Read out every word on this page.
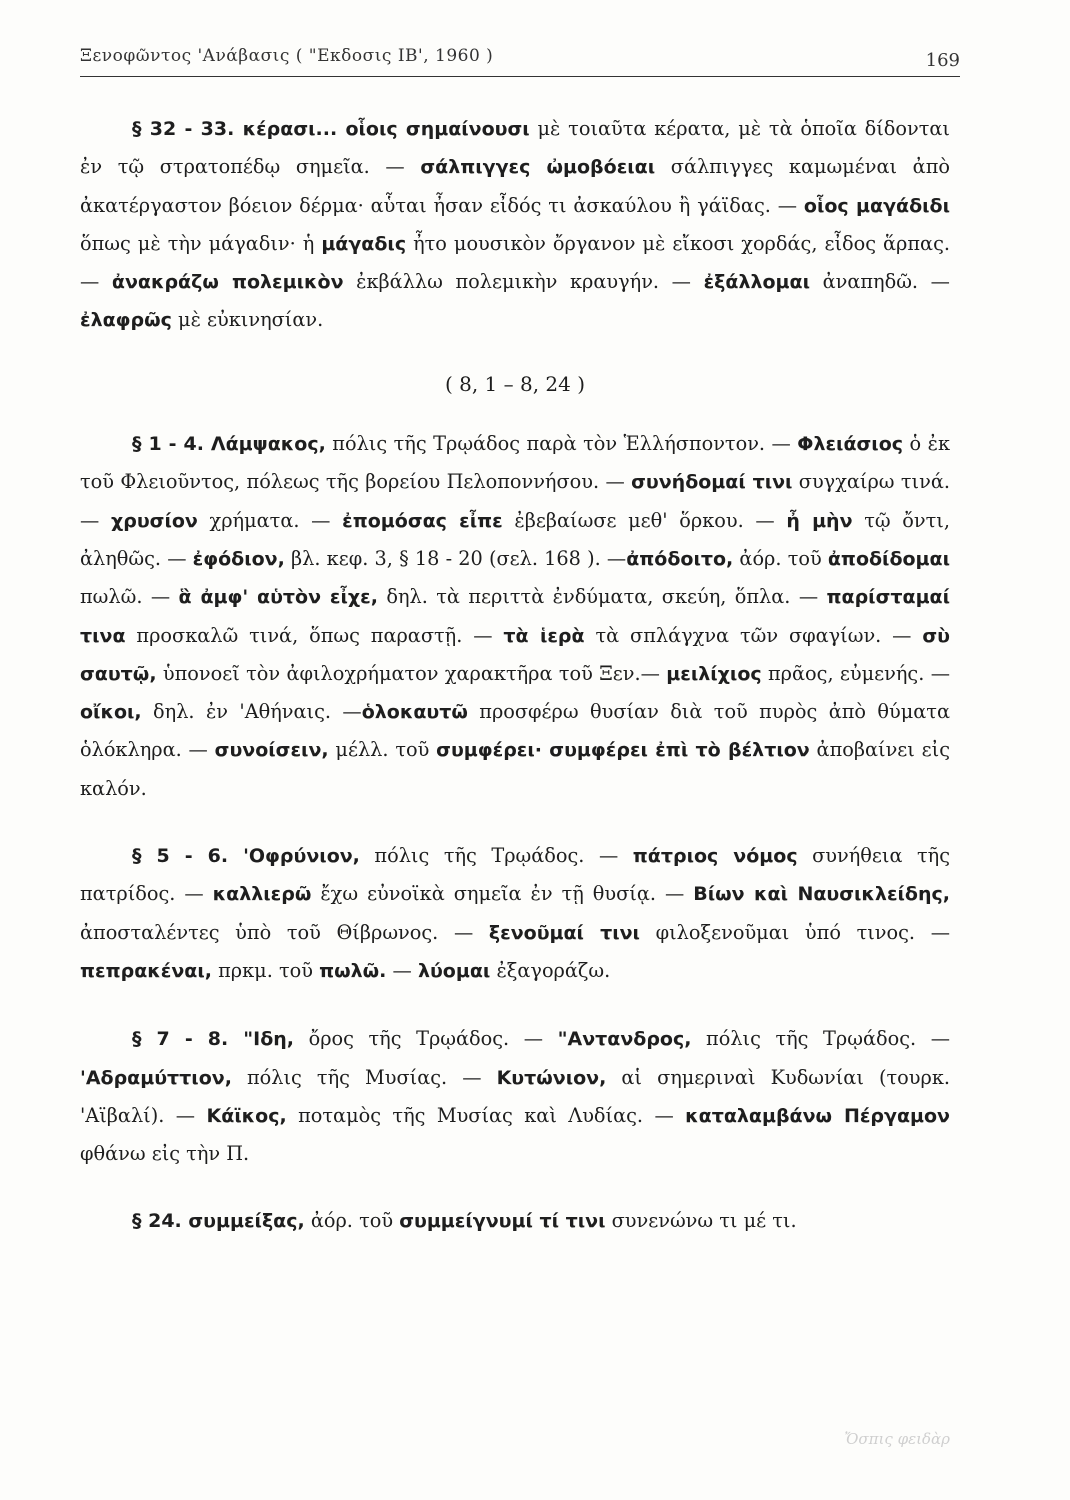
Ξενοφῶντος 'Ανάβασις ( "Εκδοσις ΙΒ', 1960 )	169

§ 32 - 33. κέρασι... οἷοις σημαίνουσι μὲ τοιαῦτα κέρατα, μὲ τὰ ὁποῖα δίδονται ἐν τῷ στρατοπέδῳ σημεῖα. — σάλπιγγες ὠμοβόειαι σάλπιγγες καμωμέναι ἀπὸ ἀκατέργαστον βόειον δέρμα· αὗται ἦσαν εἶδός τι ἀσκαύλου ἢ γάϊδας. — οἷος μαγάδιδι ὅπως μὲ τὴν μάγαδιν· ἡ μάγαδις ἦτο μουσικὸν ὄργανον μὲ εἴκοσι χορδάς, εἶδος ἅρπας. — ἀνακράζω πολεμικὸν ἐκβάλλω πολεμικὴν κραυγήν. — ἐξάλλομαι ἀναπηδῶ. — ἐλαφρῶς μὲ εὐκινησίαν.

( 8, 1 – 8, 24 )

§ 1 - 4. Λάμψακος, πόλις τῆς Τρῳάδος παρὰ τὸν Ἑλλήσποντον. — Φλειάσιος ὁ ἐκ τοῦ Φλειοῦντος, πόλεως τῆς βορείου Πελοποννήσου. — συνήδομαί τινι συγχαίρω τινά. — χρυσίον χρήματα. — ἐπομόσας εἶπε ἐβεβαίωσε μεθ' ὅρκου. — ἦ μὴν τῷ ὄντι, ἀληθῶς. — ἐφόδιον, βλ. κεφ. 3, § 18 - 20 (σελ. 168 ). —ἀπόδοιτο, ἀόρ. τοῦ ἀποδίδομαι πωλῶ. — ἃ ἀμφ' αὑτὸν εἶχε, δηλ. τὰ περιττὰ ἐνδύματα, σκεύη, ὅπλα. — παρίσταμαί τινα προσκαλῶ τινά, ὅπως παραστῇ. — τὰ ἱερὰ τὰ σπλάγχνα τῶν σφαγίων. — σὺ σαυτῷ, ὑπονοεῖ τὸν ἀφιλοχρήματον χαρακτῆρα τοῦ Ξεν.— μειλίχιος πρᾶος, εὐμενής. — οἴκοι, δηλ. ἐν 'Αθήναις. —ὁλοκαυτῶ προσφέρω θυσίαν διὰ τοῦ πυρὸς ἀπὸ θύματα ὁλόκληρα. — συνοίσειν, μέλλ. τοῦ συμφέρει· συμφέρει ἐπὶ τὸ βέλτιον ἀποβαίνει εἰς καλόν.

§ 5 - 6. 'Οφρύνιον, πόλις τῆς Τρῳάδος. — πάτριος νόμος συνήθεια τῆς πατρίδος. — καλλιερῶ ἔχω εὐνοϊκὰ σημεῖα ἐν τῇ θυσίᾳ. — Βίων καὶ Ναυσικλείδης, ἀποσταλέντες ὑπὸ τοῦ Θίβρωνος. — ξενοῦμαί τινι φιλοξενοῦμαι ὑπό τινος. — πεπρακέναι, πρκμ. τοῦ πωλῶ. — λύομαι ἐξαγοράζω.

§ 7 - 8. "Ιδη, ὄρος τῆς Τρῳάδος. — "Αντανδρος, πόλις τῆς Τρῳάδος. — 'Αδραμύττιον, πόλις τῆς Μυσίας. — Κυτώνιον, αἱ σημεριναὶ Κυδωνίαι (τουρκ. 'Αϊβαλί). — Κάϊκος, ποταμὸς τῆς Μυσίας καὶ Λυδίας. — καταλαμβάνω Πέργαμον φθάνω εἰς τὴν Π.

§ 24. συμμείξας, ἀόρ. τοῦ συμμείγνυμί τί τινι συνενώνω τι μέ τι.

Ὄσπις φειδὰρ
